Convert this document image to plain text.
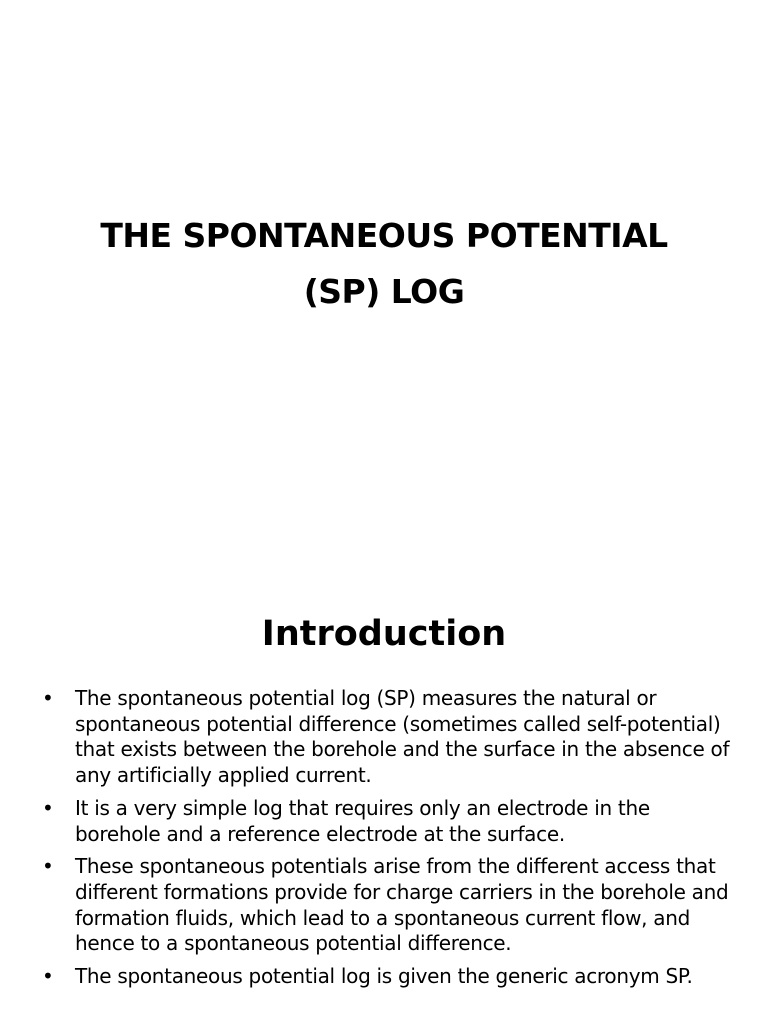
THE SPONTANEOUS POTENTIAL
(SP) LOG
Introduction
• The spontaneous potential log (SP) measures the natural or spontaneous potential difference (sometimes called self-potential) that exists between the borehole and the surface in the absence of any artificially applied current.
• It is a very simple log that requires only an electrode in the borehole and a reference electrode at the surface.
• These spontaneous potentials arise from the different access that different formations provide for charge carriers in the borehole and formation fluids, which lead to a spontaneous current flow, and hence to a spontaneous potential difference.
• The spontaneous potential log is given the generic acronym SP.
